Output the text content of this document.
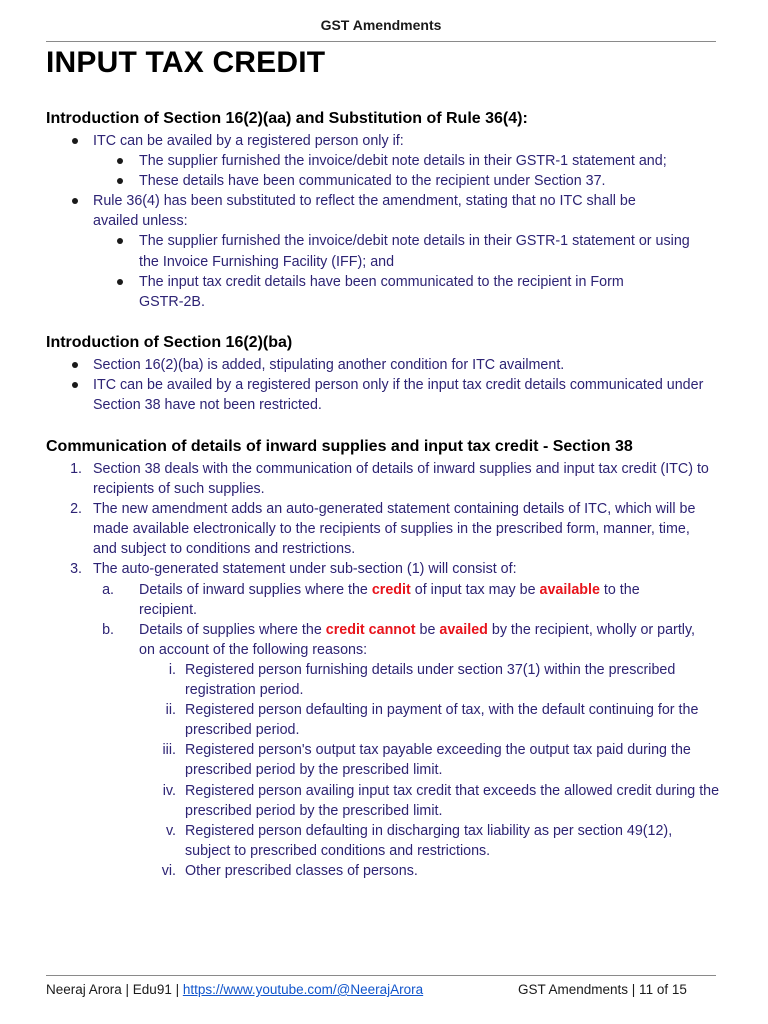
GST Amendments
INPUT TAX CREDIT
Introduction of Section 16(2)(aa) and Substitution of Rule 36(4):
ITC can be availed by a registered person only if:
The supplier furnished the invoice/debit note details in their GSTR-1 statement and;
These details have been communicated to the recipient under Section 37.
Rule 36(4) has been substituted to reflect the amendment, stating that no ITC shall be availed unless:
The supplier furnished the invoice/debit note details in their GSTR-1 statement or using the Invoice Furnishing Facility (IFF); and
The input tax credit details have been communicated to the recipient in Form GSTR-2B.
Introduction of Section 16(2)(ba)
Section 16(2)(ba) is added, stipulating another condition for ITC availment.
ITC can be availed by a registered person only if the input tax credit details communicated under Section 38 have not been restricted.
Communication of details of inward supplies and input tax credit - Section 38
1. Section 38 deals with the communication of details of inward supplies and input tax credit (ITC) to recipients of such supplies.
2. The new amendment adds an auto-generated statement containing details of ITC, which will be made available electronically to the recipients of supplies in the prescribed form, manner, time, and subject to conditions and restrictions.
3. The auto-generated statement under sub-section (1) will consist of:
a. Details of inward supplies where the credit of input tax may be available to the recipient.
b. Details of supplies where the credit cannot be availed by the recipient, wholly or partly, on account of the following reasons:
i. Registered person furnishing details under section 37(1) within the prescribed registration period.
ii. Registered person defaulting in payment of tax, with the default continuing for the prescribed period.
iii. Registered person's output tax payable exceeding the output tax paid during the prescribed period by the prescribed limit.
iv. Registered person availing input tax credit that exceeds the allowed credit during the prescribed period by the prescribed limit.
v. Registered person defaulting in discharging tax liability as per section 49(12), subject to prescribed conditions and restrictions.
vi. Other prescribed classes of persons.
Neeraj Arora | Edu91 | https://www.youtube.com/@NeerajArora	GST Amendments | 11 of 15
